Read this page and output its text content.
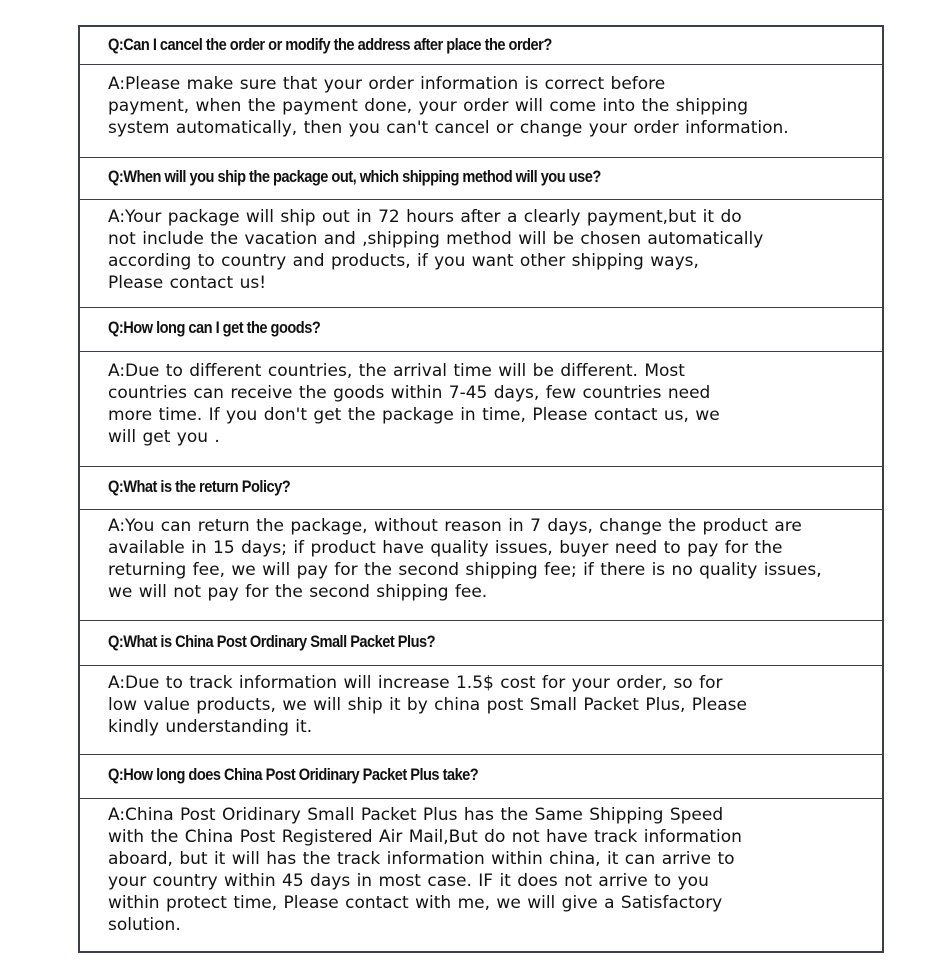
Q:Can I cancel the order or modify the address after place the order?
A:Please make sure that your order information is correct before
payment, when the payment done, your order will come into the shipping
system automatically, then you can't cancel or change your order information.
Q:When will you ship the package out, which shipping method will you use?
A:Your package will ship out in 72 hours after a clearly payment,but it do
not include the vacation and ,shipping method will be chosen automatically
according to country and products, if you want other shipping ways,
Please contact us!
Q:How long can I get the goods?
A:Due to different countries, the arrival time will be different. Most
countries can receive the goods within 7-45 days, few countries need
more time. If you don't get the package in time, Please contact us, we
will get you .
Q:What is the return Policy?
A:You can return the package, without reason in 7 days, change the product are
available in 15 days; if product have quality issues, buyer need to pay for the
returning fee, we will pay for the second shipping fee; if there is no quality issues,
we will not pay for the second shipping fee.
Q:What is China Post Ordinary Small Packet Plus?
A:Due to track information will increase 1.5$ cost for your order, so for
low value products, we will ship it by china post Small Packet Plus, Please
kindly understanding it.
Q:How long does China Post Oridinary Packet Plus take?
A:China Post Oridinary Small Packet Plus has the Same Shipping Speed
with the China Post Registered Air Mail,But do not have track information
aboard, but it will has the track information within china, it can arrive to
your country within 45 days in most case. IF it does not arrive to you
within protect time, Please contact with me, we will give a Satisfactory
solution.
